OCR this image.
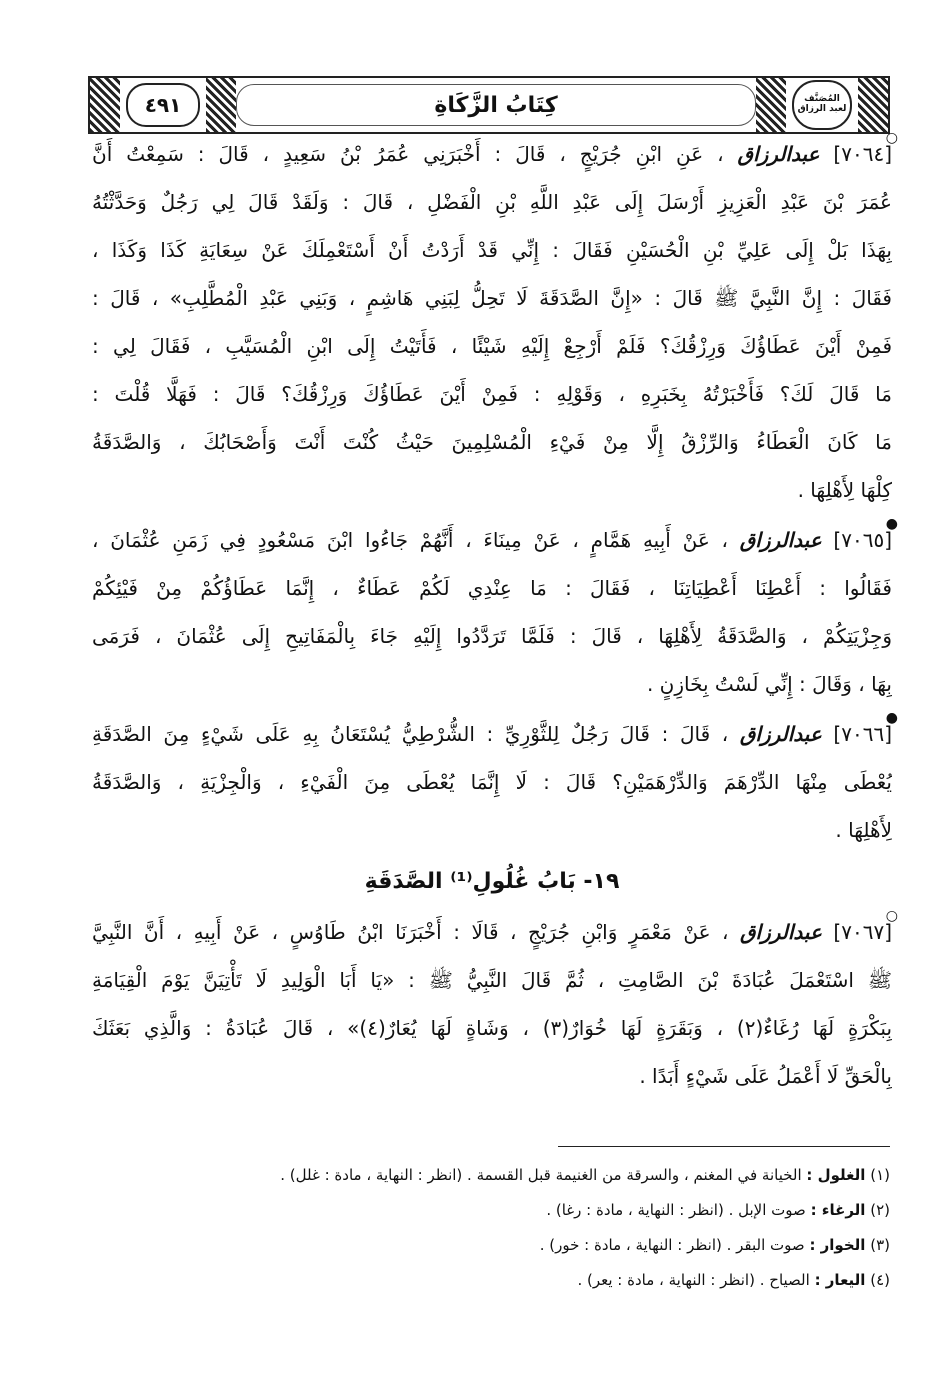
٤٩١	كِتَابُ الزَّكَاةِ	المُصَنَّف لعبد الرزاق
○
[٧٠٦٤] عبدالرزاق ، عَنِ ابْنِ جُرَيْجٍ ، قَالَ : أَخْبَرَنِي عُمَرُ بْنُ سَعِيدٍ ، قَالَ : سَمِعْتُ أَنَّ
عُمَرَ بْنَ عَبْدِ الْعَزِيزِ أَرْسَلَ إِلَى عَبْدِ اللَّهِ بْنِ الْفَضْلِ ، قَالَ : وَلَقَدْ قَالَ لِي رَجُلٌ وَحَدَّثْتُهُ
بِهَذَا بَلْ إِلَى عَلِيِّ بْنِ الْحُسَيْنِ فَقَالَ : إِنِّي قَدْ أَرَدْتُ أَنْ أَسْتَعْمِلَكَ عَنْ سِعَايَةِ كَذَا وَكَذَا ،
فَقَالَ : إِنَّ النَّبِيَّ ﷺ قَالَ : «إِنَّ الصَّدَقَةَ لَا تَحِلُّ لِبَنِي هَاشِمٍ ، وَبَنِي عَبْدِ الْمُطَّلِبِ» ، قَالَ :
فَمِنْ أَيْنَ عَطَاؤُكَ وَرِزْقُكَ؟ فَلَمْ أَرْجِعْ إِلَيْهِ شَيْئًا ، فَأَتَيْتُ إِلَى ابْنِ الْمُسَيَّبِ ، فَقَالَ لِي :
مَا قَالَ لَكَ؟ فَأَخْبَرْتُهُ بِخَبَرِهِ ، وَقَوْلِهِ : فَمِنْ أَيْنَ عَطَاؤُكَ وَرِزْقُكَ؟ قَالَ : فَهَلَّا قُلْتَ :
مَا كَانَ الْعَطَاءُ وَالرِّزْقُ إِلَّا مِنْ فَيْءِ الْمُسْلِمِينَ حَيْثُ كُنْتَ أَنْتَ وَأَصْحَابُكَ ، وَالصَّدَقَةُ
كِلْهَا لِأَهْلِهَا .
●
[٧٠٦٥] عبدالرزاق ، عَنْ أَبِيهِ هَمَّامٍ ، عَنْ مِينَاءَ ، أَنَّهُمْ جَاءُوا ابْنَ مَسْعُودٍ فِي زَمَنِ عُثْمَانَ ،
فَقَالُوا : أَعْطِنَا أَعْطِيَاتِنَا ، فَقَالَ : مَا عِنْدِي لَكُمْ عَطَاءٌ ، إِنَّمَا عَطَاؤُكُمْ مِنْ فَيْئِكُمْ
وَجِزْيَتِكُمْ ، وَالصَّدَقَةُ لِأَهْلِهَا ، قَالَ : فَلَمَّا تَرَدَّدُوا إِلَيْهِ جَاءَ بِالْمَفَاتِيحِ إِلَى عُثْمَانَ ، فَرَمَى
بِهَا ، وَقَالَ : إِنِّي لَسْتُ بِخَازِنٍ .
●
[٧٠٦٦] عبدالرزاق ، قَالَ : قَالَ رَجُلٌ لِلثَّوْرِيِّ : الشُّرْطِيُّ يُسْتَعَانُ بِهِ عَلَى شَيْءٍ مِنَ الصَّدَقَةِ
يُعْطَى مِنْهَا الدِّرْهَمَ وَالدِّرْهَمَيْنِ؟ قَالَ : لَا إِنَّمَا يُعْطَى مِنَ الْفَيْءِ ، وَالْجِزْيَةِ ، وَالصَّدَقَةُ
لِأَهْلِهَا .
١٩- بَابُ غُلُولِ⁽¹⁾ الصَّدَقَةِ
○
[٧٠٦٧] عبدالرزاق ، عَنْ مَعْمَرٍ وَابْنِ جُرَيْجٍ ، قَالَا : أَخْبَرَنَا ابْنُ طَاوُسٍ ، عَنْ أَبِيهِ ، أَنَّ النَّبِيَّ
ﷺ اسْتَعْمَلَ عُبَادَةَ بْنَ الصَّامِتِ ، ثُمَّ قَالَ النَّبِيُّ ﷺ : «يَا أَبَا الْوَلِيدِ لَا تَأْتِيَنَّ يَوْمَ الْقِيَامَةِ
بِبَكْرَةٍ لَهَا رُغَاءٌ(٢) ، وَبَقَرَةٍ لَهَا خُوَارٌ(٣) ، وَشَاةٍ لَهَا يُعَارٌ(٤)» ، قَالَ عُبَادَةُ : وَالَّذِي بَعَثَكَ
بِالْحَقِّ لَا أَعْمَلُ عَلَى شَيْءٍ أَبَدًا .
(١) الغلول : الخيانة في المغنم ، والسرقة من الغنيمة قبل القسمة . (انظر : النهاية ، مادة : غلل) .
(٢) الرغاء : صوت الإبل . (انظر : النهاية ، مادة : رغا) .
(٣) الخوار : صوت البقر . (انظر : النهاية ، مادة : خور) .
(٤) اليعار : الصياح . (انظر : النهاية ، مادة : يعر) .
